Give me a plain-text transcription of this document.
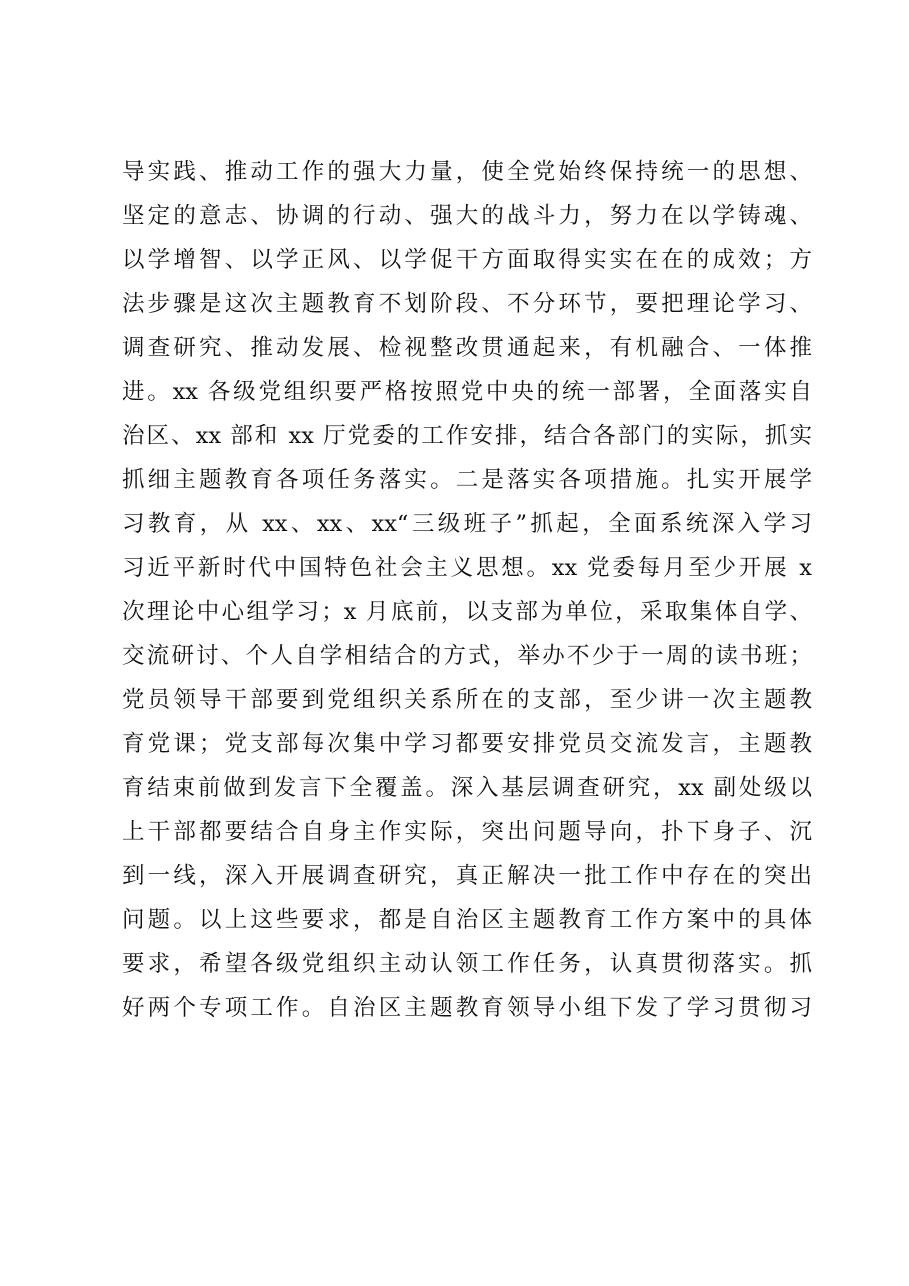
导实践、推动工作的强大力量，使全党始终保持统一的思想、
坚定的意志、协调的行动、强大的战斗力，努力在以学铸魂、
以学增智、以学正风、以学促干方面取得实实在在的成效；方
法步骤是这次主题教育不划阶段、不分环节，要把理论学习、
调查研究、推动发展、检视整改贯通起来，有机融合、一体推
进。xx 各级党组织要严格按照党中央的统一部署，全面落实自
治区、xx 部和 xx 厅党委的工作安排，结合各部门的实际，抓实
抓细主题教育各项任务落实。二是落实各项措施。扎实开展学
习教育，从 xx、xx、xx“三级班子”抓起，全面系统深入学习
习近平新时代中国特色社会主义思想。xx 党委每月至少开展 x
次理论中心组学习；x 月底前，以支部为单位，采取集体自学、
交流研讨、个人自学相结合的方式，举办不少于一周的读书班；
党员领导干部要到党组织关系所在的支部，至少讲一次主题教
育党课；党支部每次集中学习都要安排党员交流发言，主题教
育结束前做到发言下全覆盖。深入基层调查研究，xx 副处级以
上干部都要结合自身主作实际，突出问题导向，扑下身子、沉
到一线，深入开展调查研究，真正解决一批工作中存在的突出
问题。以上这些要求，都是自治区主题教育工作方案中的具体
要求，希望各级党组织主动认领工作任务，认真贯彻落实。抓
好两个专项工作。自治区主题教育领导小组下发了学习贯彻习
